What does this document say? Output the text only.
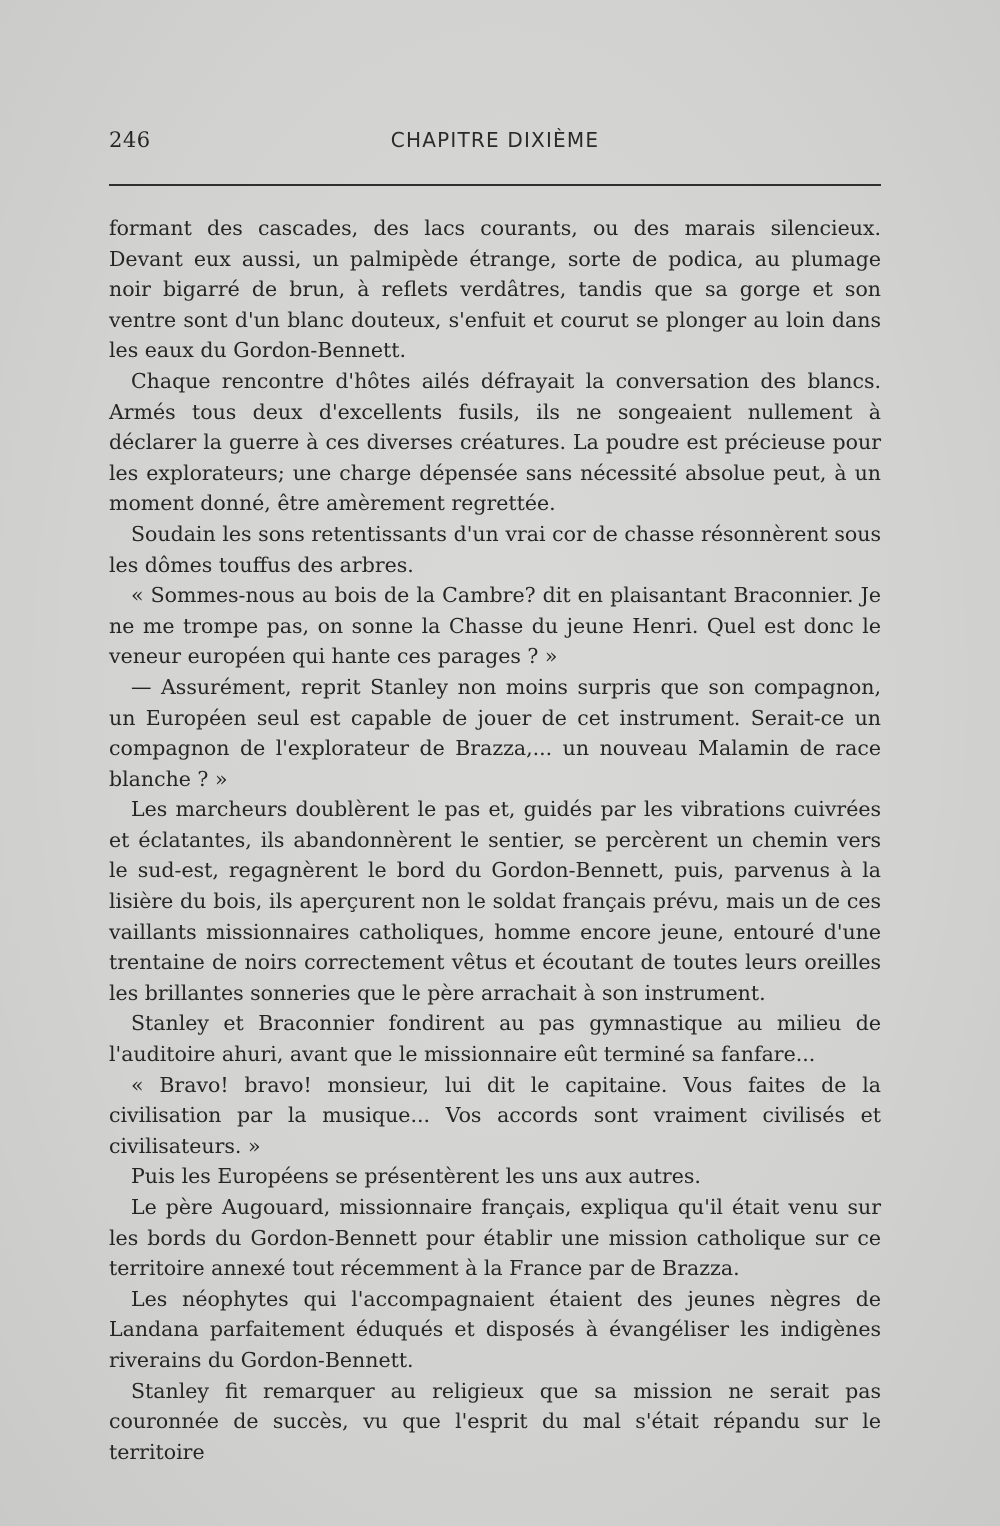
246	CHAPITRE DIXIÈME

formant des cascades, des lacs courants, ou des marais silencieux. Devant eux aussi, un palmipède étrange, sorte de podica, au plumage noir bigarré de brun, à reflets verdâtres, tandis que sa gorge et son ventre sont d'un blanc douteux, s'enfuit et courut se plonger au loin dans les eaux du Gordon-Bennett.

Chaque rencontre d'hôtes ailés défrayait la conversation des blancs. Armés tous deux d'excellents fusils, ils ne songeaient nullement à déclarer la guerre à ces diverses créatures. La poudre est précieuse pour les explorateurs; une charge dépensée sans nécessité absolue peut, à un moment donné, être amèrement regrettée.

Soudain les sons retentissants d'un vrai cor de chasse résonnèrent sous les dômes touffus des arbres.

« Sommes-nous au bois de la Cambre? dit en plaisantant Braconnier. Je ne me trompe pas, on sonne la Chasse du jeune Henri. Quel est donc le veneur européen qui hante ces parages ? »

— Assurément, reprit Stanley non moins surpris que son compagnon, un Européen seul est capable de jouer de cet instrument. Serait-ce un compagnon de l'explorateur de Brazza,... un nouveau Malamin de race blanche ? »

Les marcheurs doublèrent le pas et, guidés par les vibrations cuivrées et éclatantes, ils abandonnèrent le sentier, se percèrent un chemin vers le sud-est, regagnèrent le bord du Gordon-Bennett, puis, parvenus à la lisière du bois, ils aperçurent non le soldat français prévu, mais un de ces vaillants missionnaires catholiques, homme encore jeune, entouré d'une trentaine de noirs correctement vêtus et écoutant de toutes leurs oreilles les brillantes sonneries que le père arrachait à son instrument.

Stanley et Braconnier fondirent au pas gymnastique au milieu de l'auditoire ahuri, avant que le missionnaire eût terminé sa fanfare...

« Bravo! bravo! monsieur, lui dit le capitaine. Vous faites de la civilisation par la musique... Vos accords sont vraiment civilisés et civilisateurs. »

Puis les Européens se présentèrent les uns aux autres.

Le père Augouard, missionnaire français, expliqua qu'il était venu sur les bords du Gordon-Bennett pour établir une mission catholique sur ce territoire annexé tout récemment à la France par de Brazza.

Les néophytes qui l'accompagnaient étaient des jeunes nègres de Landana parfaitement éduqués et disposés à évangéliser les indigènes riverains du Gordon-Bennett.

Stanley fit remarquer au religieux que sa mission ne serait pas couronnée de succès, vu que l'esprit du mal s'était répandu sur le territoire
